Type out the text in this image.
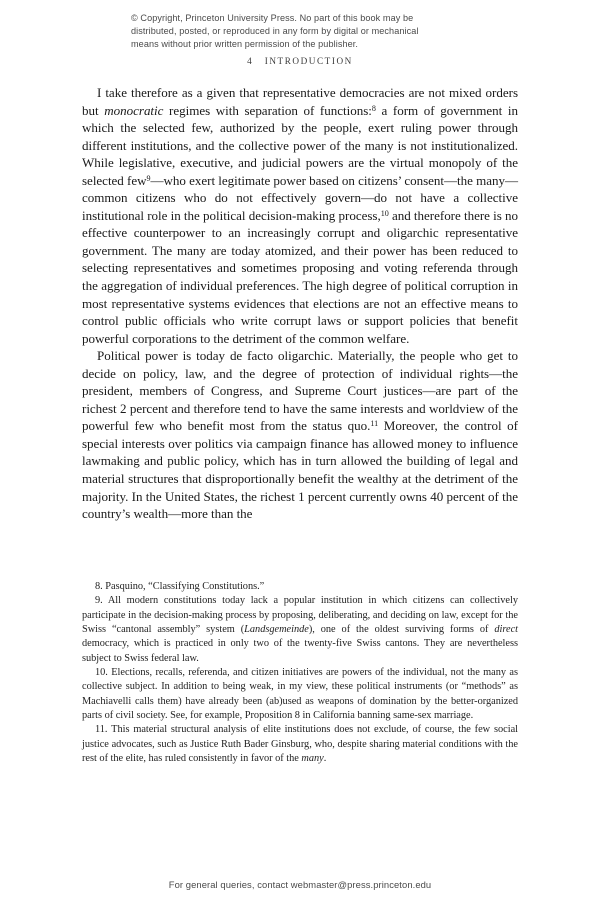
© Copyright, Princeton University Press. No part of this book may be
distributed, posted, or reproduced in any form by digital or mechanical
means without prior written permission of the publisher.
4 INTRODUCTION

I take therefore as a given that representative democracies are not mixed orders but monocratic regimes with separation of functions:$^8$ a form of government in which the selected few, authorized by the people, exert ruling power through different institutions, and the collective power of the many is not institutionalized. While legislative, executive, and judicial powers are the virtual monopoly of the selected few$^9$—who exert legitimate power based on citizens’ consent—the many—common citizens who do not effectively govern—do not have a collective institutional role in the political decision-making process,$^{10}$ and therefore there is no effective counterpower to an increasingly corrupt and oligarchic representative government. The many are today atomized, and their power has been reduced to selecting representatives and sometimes proposing and voting referenda through the aggregation of individual preferences. The high degree of political corruption in most representative systems evidences that elections are not an effective means to control public officials who write corrupt laws or support policies that benefit powerful corporations to the detriment of the common welfare.

Political power is today de facto oligarchic. Materially, the people who get to decide on policy, law, and the degree of protection of individual rights—the president, members of Congress, and Supreme Court justices—are part of the richest 2 percent and therefore tend to have the same interests and worldview of the powerful few who benefit most from the status quo.$^{11}$ Moreover, the control of special interests over politics via campaign finance has allowed money to influence lawmaking and public policy, which has in turn allowed the building of legal and material structures that disproportionally benefit the wealthy at the detriment of the majority. In the United States, the richest 1 percent currently owns 40 percent of the country’s wealth—more than the

8. Pasquino, “Classifying Constitutions.”

9. All modern constitutions today lack a popular institution in which citizens can collectively participate in the decision-making process by proposing, deliberating, and deciding on law, except for the Swiss “cantonal assembly” system (Landsgemeinde), one of the oldest surviving forms of direct democracy, which is practiced in only two of the twenty-five Swiss cantons. They are nevertheless subject to Swiss federal law.

10. Elections, recalls, referenda, and citizen initiatives are powers of the individual, not the many as collective subject. In addition to being weak, in my view, these political instruments (or “methods” as Machiavelli calls them) have already been (ab)used as weapons of domination by the better-organized parts of civil society. See, for example, Proposition 8 in California banning same-sex marriage.

11. This material structural analysis of elite institutions does not exclude, of course, the few social justice advocates, such as Justice Ruth Bader Ginsburg, who, despite sharing material conditions with the rest of the elite, has ruled consistently in favor of the many.

For general queries, contact webmaster@press.princeton.edu
